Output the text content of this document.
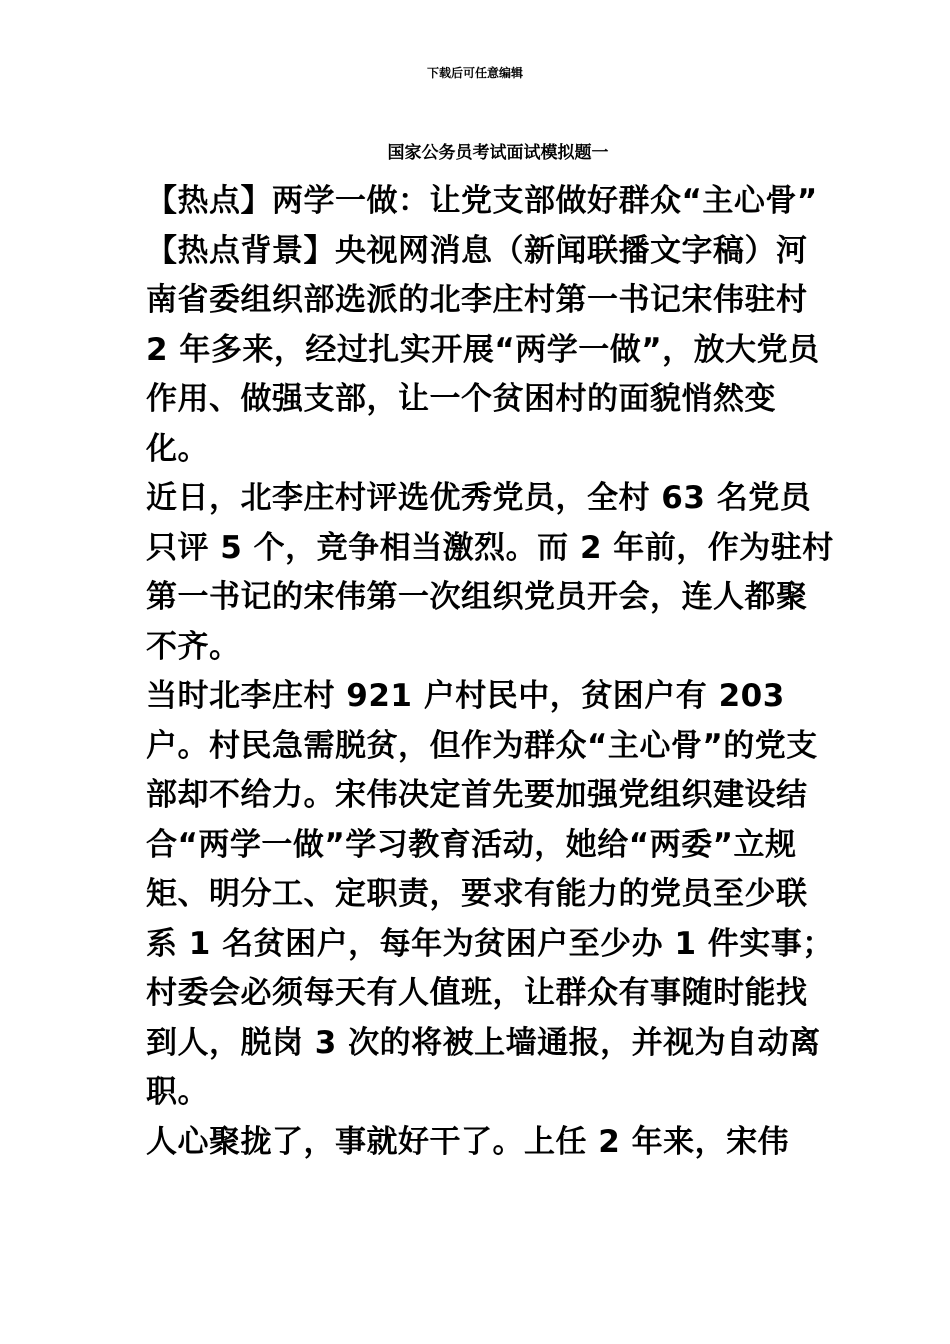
下载后可任意编辑
国家公务员考试面试模拟题一

【热点】两学一做：让党支部做好群众“主心骨”

【热点背景】央视网消息（新闻联播文字稿）河南省委组织部选派的北李庄村第一书记宋伟驻村 2 年多来，经过扎实开展“两学一做”，放大党员作用、做强支部，让一个贫困村的面貌悄然变化。

近日，北李庄村评选优秀党员，全村 63 名党员只评 5 个，竞争相当激烈。而 2 年前，作为驻村第一书记的宋伟第一次组织党员开会，连人都聚不齐。

当时北李庄村 921 户村民中，贫困户有 203 户。村民急需脱贫，但作为群众“主心骨”的党支部却不给力。宋伟决定首先要加强党组织建设结合“两学一做”学习教育活动，她给“两委”立规矩、明分工、定职责，要求有能力的党员至少联系 1 名贫困户，每年为贫困户至少办 1 件实事；村委会必须每天有人值班，让群众有事随时能找到人，脱岗 3 次的将被上墙通报，并视为自动离职。

人心聚拢了，事就好干了。上任 2 年来，宋伟
